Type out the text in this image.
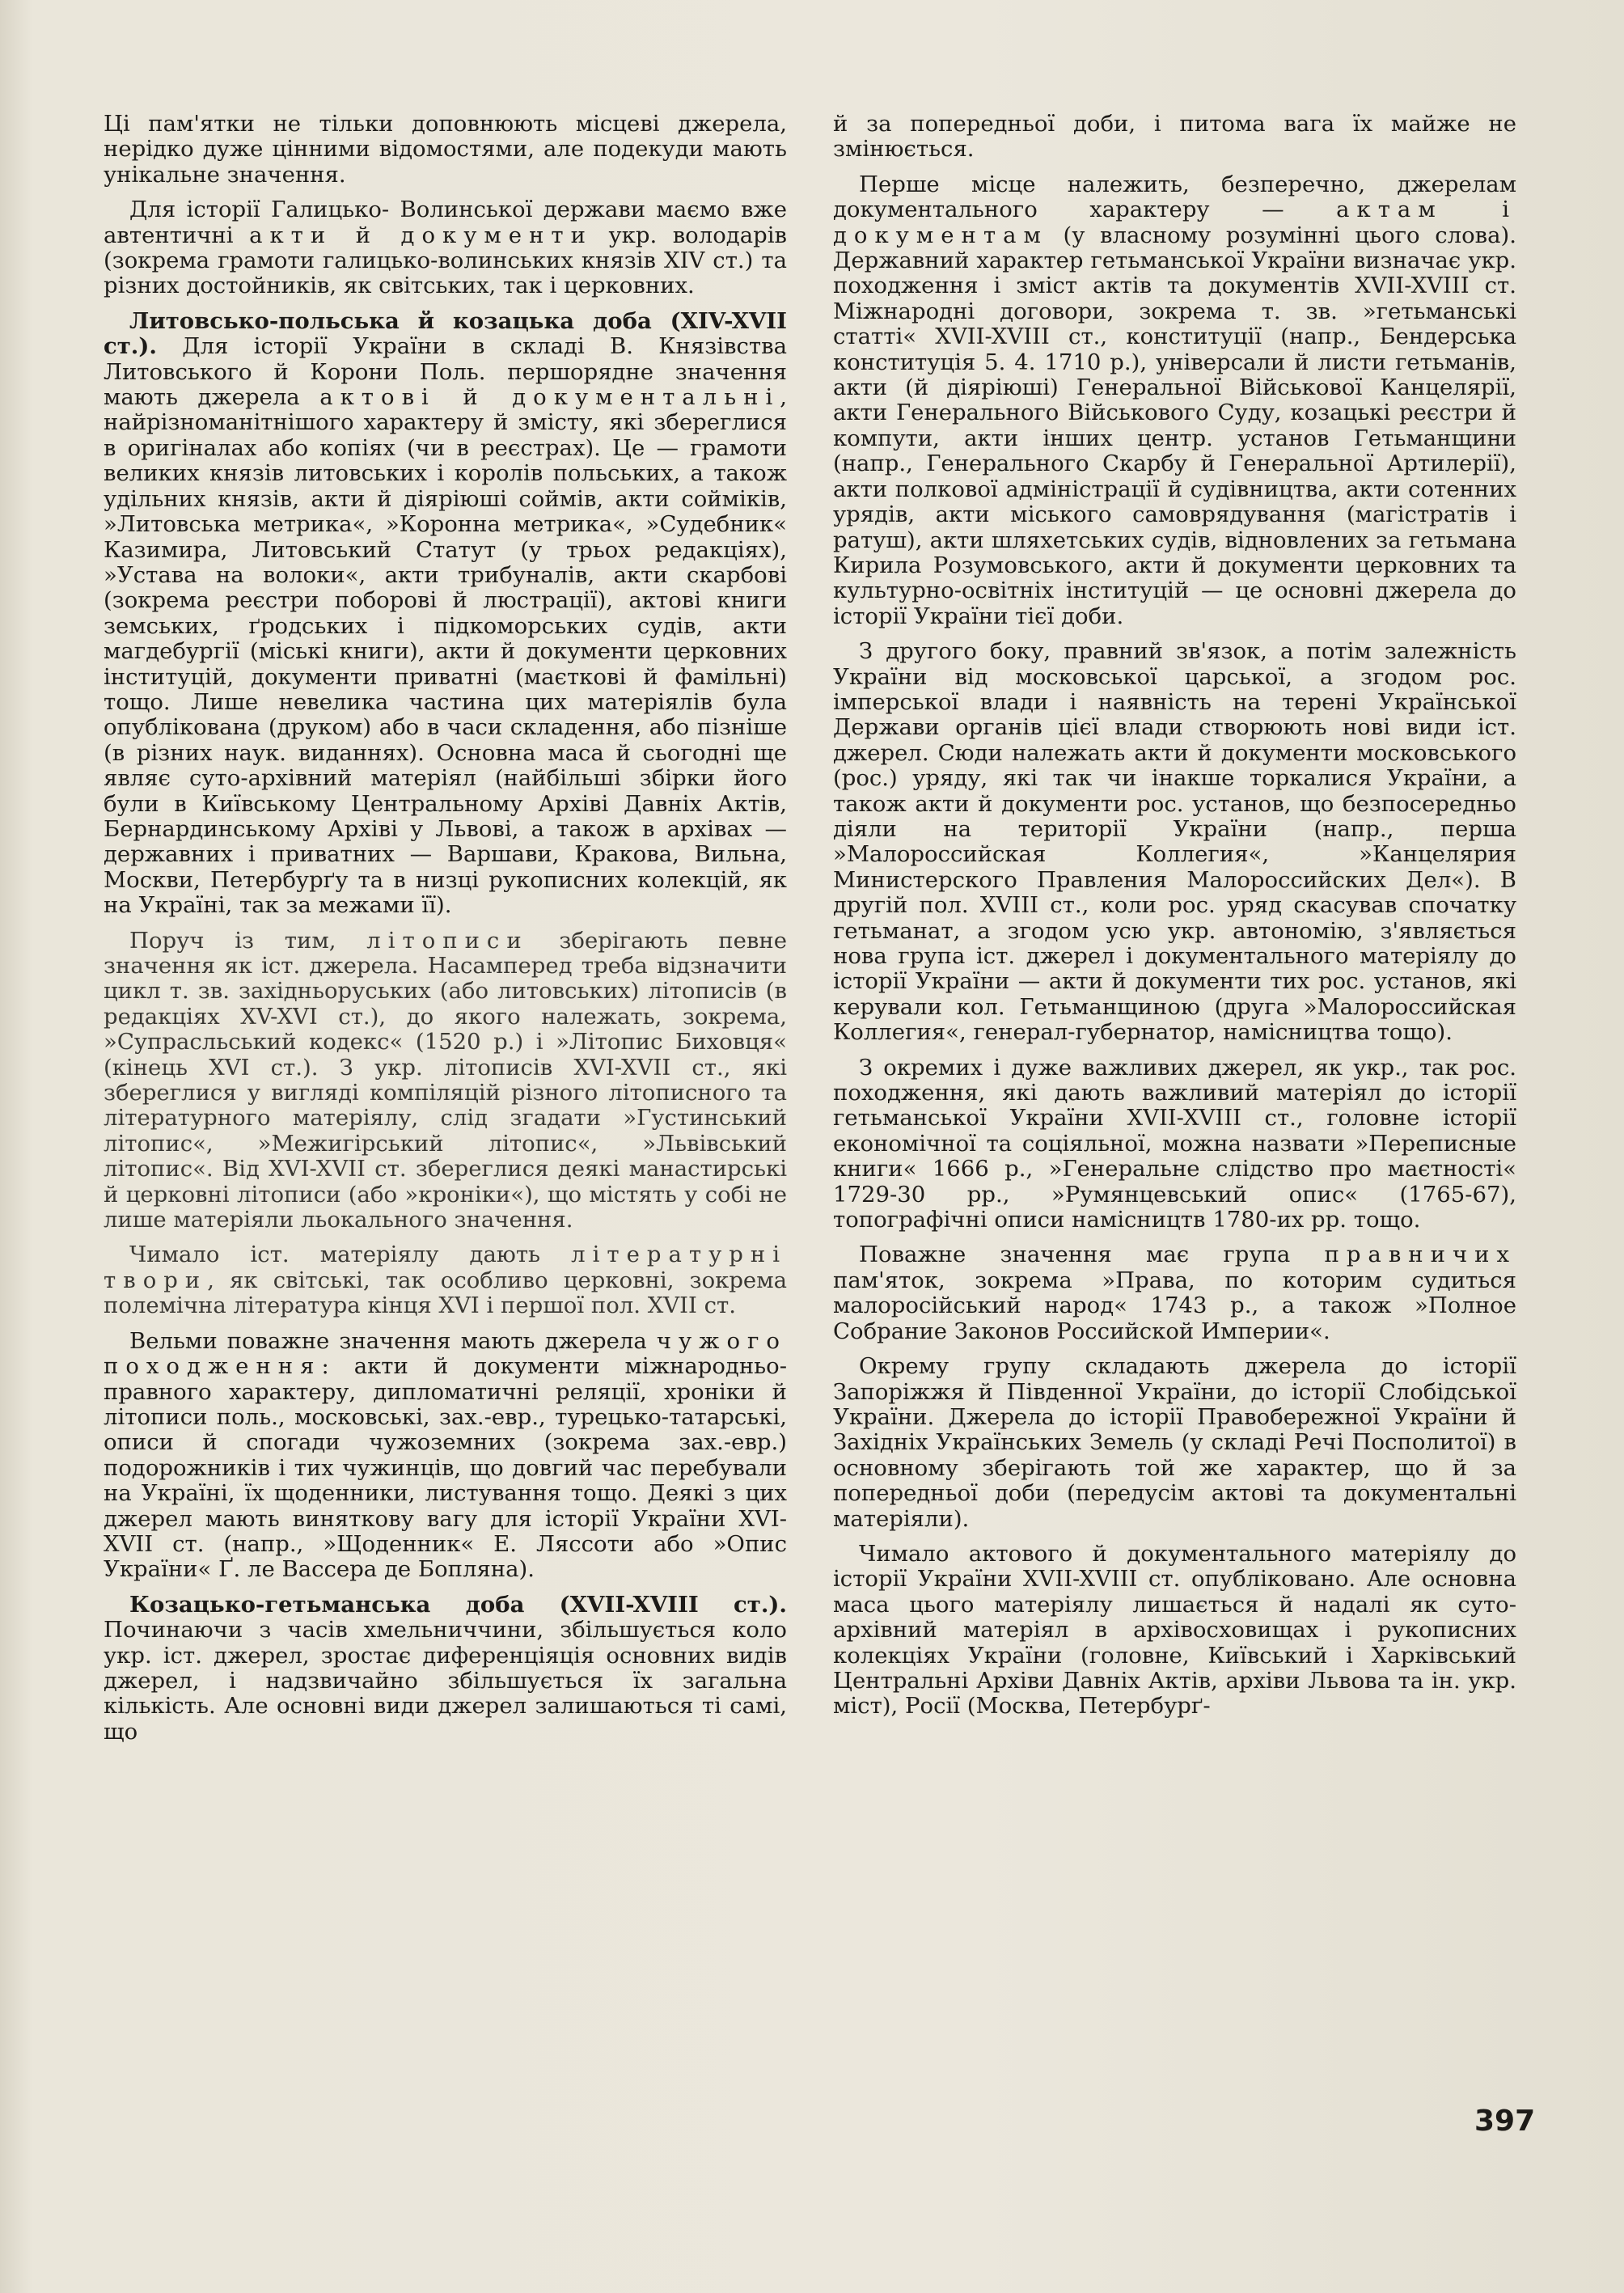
Ці пам'ятки не тільки доповнюють місцеві джерела, нерідко дуже цінними відомостями, але подекуди мають унікальне значення.

Для історії Галицько- Волинської держави маємо вже автентичні акти й документи укр. володарів (зокрема грамоти галицько-волинських князів XIV ст.) та різних достойників, як світських, так і церковних.

Литовсько-польська й козацька доба (XIV-XVII ст.). Для історії України в складі В. Князівства Литовського й Корони Поль. першорядне значення мають джерела актові й документальні, найрізноманітнішого характеру й змісту, які збереглися в оригіналах або копіях (чи в реєстрах). Це — грамоти великих князів литовських і королів польських, а також удільних князів, акти й діяріюші соймів, акти сойміків, »Литовська метрика«, »Коронна метрика«, »Судебник« Казимира, Литовський Статут (у трьох редакціях), »Устава на волоки«, акти трибуналів, акти скарбові (зокрема реєстри поборові й люстрації), актові книги земських, ґродських і підкоморських судів, акти магдебургії (міські книги), акти й документи церковних інституцій, документи приватні (маєткові й фамільні) тощо. Лише невелика частина цих матеріялів була опублікована (друком) або в часи складення, або пізніше (в різних наук. виданнях). Основна маса й сьогодні ще являє суто-архівний матеріял (найбільші збірки його були в Київському Центральному Архіві Давніх Актів, Бернардинському Архіві у Львові, а також в архівах — державних і приватних — Варшави, Кракова, Вильна, Москви, Петербурґу та в низці рукописних колекцій, як на Україні, так за межами її).

Поруч із тим, літописи зберігають певне значення як іст. джерела. Насамперед треба відзначити цикл т. зв. західньоруських (або литовських) літописів (в редакціях XV-XVI ст.), до якого належать, зокрема, »Супрасльський кодекс« (1520 р.) і »Літопис Биховця« (кінець XVI ст.). З укр. літописів XVI-XVII ст., які збереглися у вигляді компіляцій різного літописного та літературного матеріялу, слід згадати »Густинський літопис«, »Межигірський літопис«, »Львівський літопис«. Від XVI-XVII ст. збереглися деякі манастирські й церковні літописи (або »кроніки«), що містять у собі не лише матеріяли льокального значення.

Чимало іст. матеріялу дають літературні твори, як світські, так особливо церковні, зокрема полемічна література кінця XVI і першої пол. XVII ст.

Вельми поважне значення мають джерела чужого походження: акти й документи міжнародньо-правного характеру, дипломатичні реляції, хроніки й літописи поль., московські, зах.-евр., турецько-татарські, описи й спогади чужоземних (зокрема зах.-евр.) подорожників і тих чужинців, що довгий час перебували на Україні, їх щоденники, листування тощо. Деякі з цих джерел мають виняткову вагу для історії України XVI-XVII ст. (напр., »Щоденник« Е. Ляссоти або »Опис України« Ґ. ле Вассера де Боплянa).

Козацько-гетьманська доба (XVII-XVIII ст.). Починаючи з часів хмельниччини, збільшується коло укр. іст. джерел, зростає диференціяція основних видів джерел, і надзвичайно збільшується їх загальна кількість. Але основні види джерел залишаються ті самі, що

й за попередньої доби, і питома вага їх майже не змінюється.

Перше місце належить, безперечно, джерелам документального характеру — актам і документам (у власному розумінні цього слова). Державний характер гетьманської України визначає укр. походження і зміст актів та документів XVII-XVIII ст. Міжнародні договори, зокрема т. зв. »гетьманські статті« XVII-XVIII ст., конституції (напр., Бендерська конституція 5. 4. 1710 р.), універсали й листи гетьманів, акти (й діяріюші) Генеральної Військової Канцелярії, акти Генерального Військового Суду, козацькі реєстри й компути, акти інших центр. установ Гетьманщини (напр., Генерального Скарбу й Генеральної Артилерії), акти полкової адміністрації й судівництва, акти сотенних урядів, акти міського самоврядування (магістратів і ратуш), акти шляхетських судів, відновлених за гетьмана Кирила Розумовського, акти й документи церковних та культурно-освітніх інституцій — це основні джерела до історії України тієї доби.

З другого боку, правний зв'язок, а потім залежність України від московської царської, а згодом рос. імперської влади і наявність на терені Української Держави органів цієї влади створюють нові види іст. джерел. Сюди належать акти й документи московського (рос.) уряду, які так чи інакше торкалися України, а також акти й документи рос. установ, що безпосередньо діяли на території України (напр., перша »Малороссийская Коллегия«, »Канцелярия Министерского Правления Малороссийских Дел«). В другій пол. XVIII ст., коли рос. уряд скасував спочатку гетьманат, а згодом усю укр. автономію, з'являється нова група іст. джерел і документального матеріялу до історії України — акти й документи тих рос. установ, які керували кол. Гетьманщиною (друга »Малороссийская Коллегия«, генерал-губернатор, намісництва тощо).

З окремих і дуже важливих джерел, як укр., так рос. походження, які дають важливий матеріял до історії гетьманської України XVII-XVIII ст., головне історії економічної та соціяльної, можна назвати »Переписные книги« 1666 р., »Генеральне слідство про маєтності« 1729-30 рр., »Румянцевський опис« (1765-67), топографічні описи намісництв 1780-их рр. тощо.

Поважне значення має група правничих пам'яток, зокрема »Права, по которим судиться малоросійський народ« 1743 р., а також »Полное Собрание Законов Российской Империи«.

Окрему групу складають джерела до історії Запоріжжя й Південної України, до історії Слобідської України. Джерела до історії Правобережної України й Західніх Українських Земель (у складі Речі Посполитої) в основному зберігають той же характер, що й за попередньої доби (передусім актові та документальні матеріяли).

Чимало актового й документального матеріялу до історії України XVII-XVIII ст. опубліковано. Але основна маса цього матеріялу лишається й надалі як суто-архівний матеріял в архівосховищах і рукописних колекціях України (головне, Київський і Харківський Центральні Архіви Давніх Актів, архіви Львова та ін. укр. міст), Росії (Москва, Петербурґ-

397
